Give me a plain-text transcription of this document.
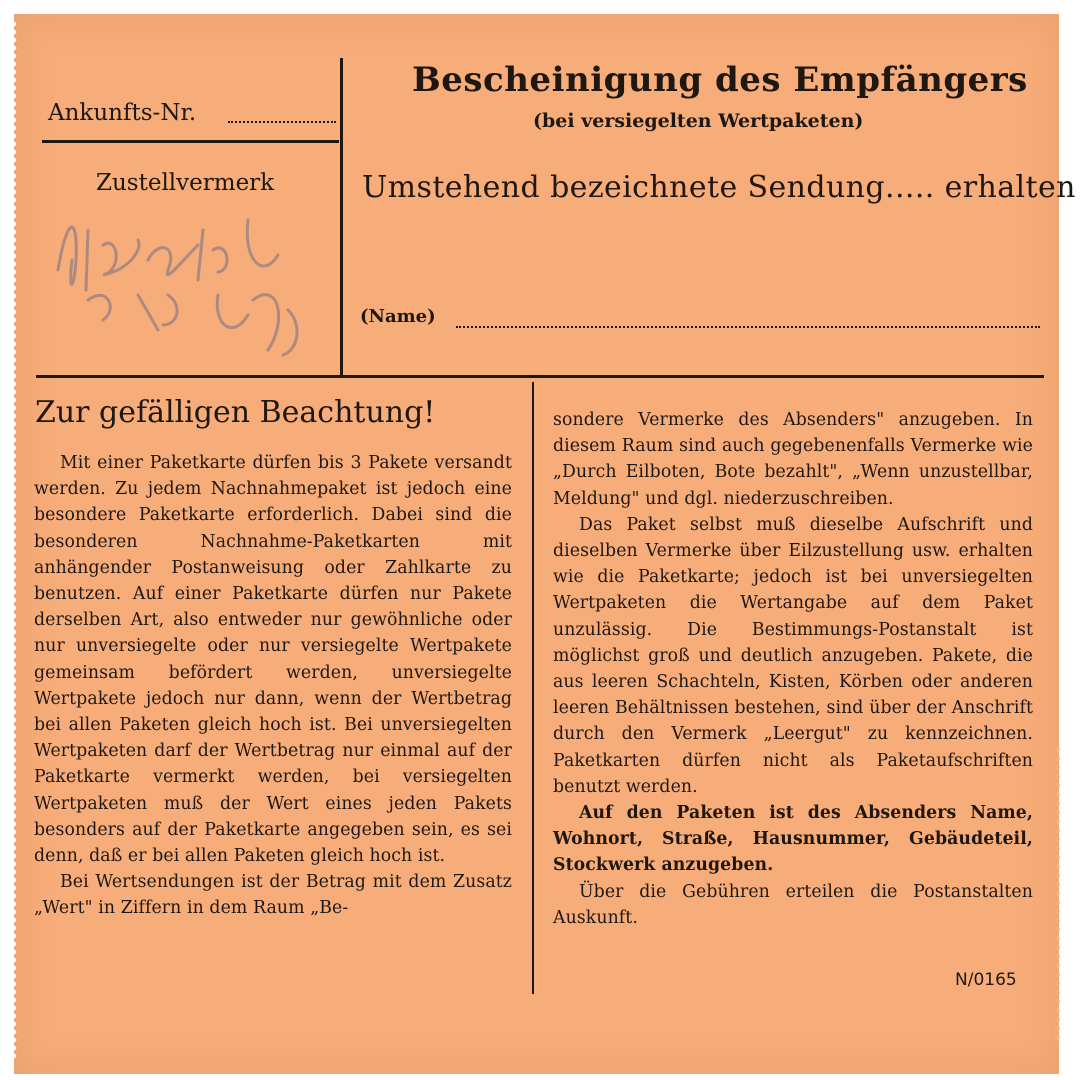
Bescheinigung des Empfängers
(bei versiegelten Wertpaketen)
Ankunfts-Nr.
Zustellvermerk	Umstehend bezeichnete Sendung..... erhalten
(Name)
Zur gefälligen Beachtung!

Mit einer Paketkarte dürfen bis 3 Pakete versandt werden. Zu jedem Nachnahmepaket ist jedoch eine besondere Paketkarte erforderlich. Dabei sind die besonderen Nachnahme-Paketkarten mit anhängender Postanweisung oder Zahlkarte zu benutzen. Auf einer Paketkarte dürfen nur Pakete derselben Art, also entweder nur gewöhnliche oder nur unversiegelte oder nur versiegelte Wertpakete gemeinsam befördert werden, unversiegelte Wertpakete jedoch nur dann, wenn der Wertbetrag bei allen Paketen gleich hoch ist. Bei unversiegelten Wertpaketen darf der Wertbetrag nur einmal auf der Paketkarte vermerkt werden, bei versiegelten Wertpaketen muß der Wert eines jeden Pakets besonders auf der Paketkarte angegeben sein, es sei denn, daß er bei allen Paketen gleich hoch ist.

Bei Wertsendungen ist der Betrag mit dem Zusatz „Wert" in Ziffern in dem Raum „Be-

sondere Vermerke des Absenders" anzugeben. In diesem Raum sind auch gegebenenfalls Vermerke wie „Durch Eilboten, Bote bezahlt", „Wenn unzustellbar, Meldung" und dgl. niederzuschreiben.

Das Paket selbst muß dieselbe Aufschrift und dieselben Vermerke über Eilzustellung usw. erhalten wie die Paketkarte; jedoch ist bei unversiegelten Wertpaketen die Wertangabe auf dem Paket unzulässig. Die Bestimmungs-Postanstalt ist möglichst groß und deutlich anzugeben. Pakete, die aus leeren Schachteln, Kisten, Körben oder anderen leeren Behältnissen bestehen, sind über der Anschrift durch den Vermerk „Leergut" zu kennzeichnen. Paketkarten dürfen nicht als Paketaufschriften benutzt werden.

Auf den Paketen ist des Absenders Name, Wohnort, Straße, Hausnummer, Gebäudeteil, Stockwerk anzugeben.

Über die Gebühren erteilen die Postanstalten Auskunft.

N/0165
